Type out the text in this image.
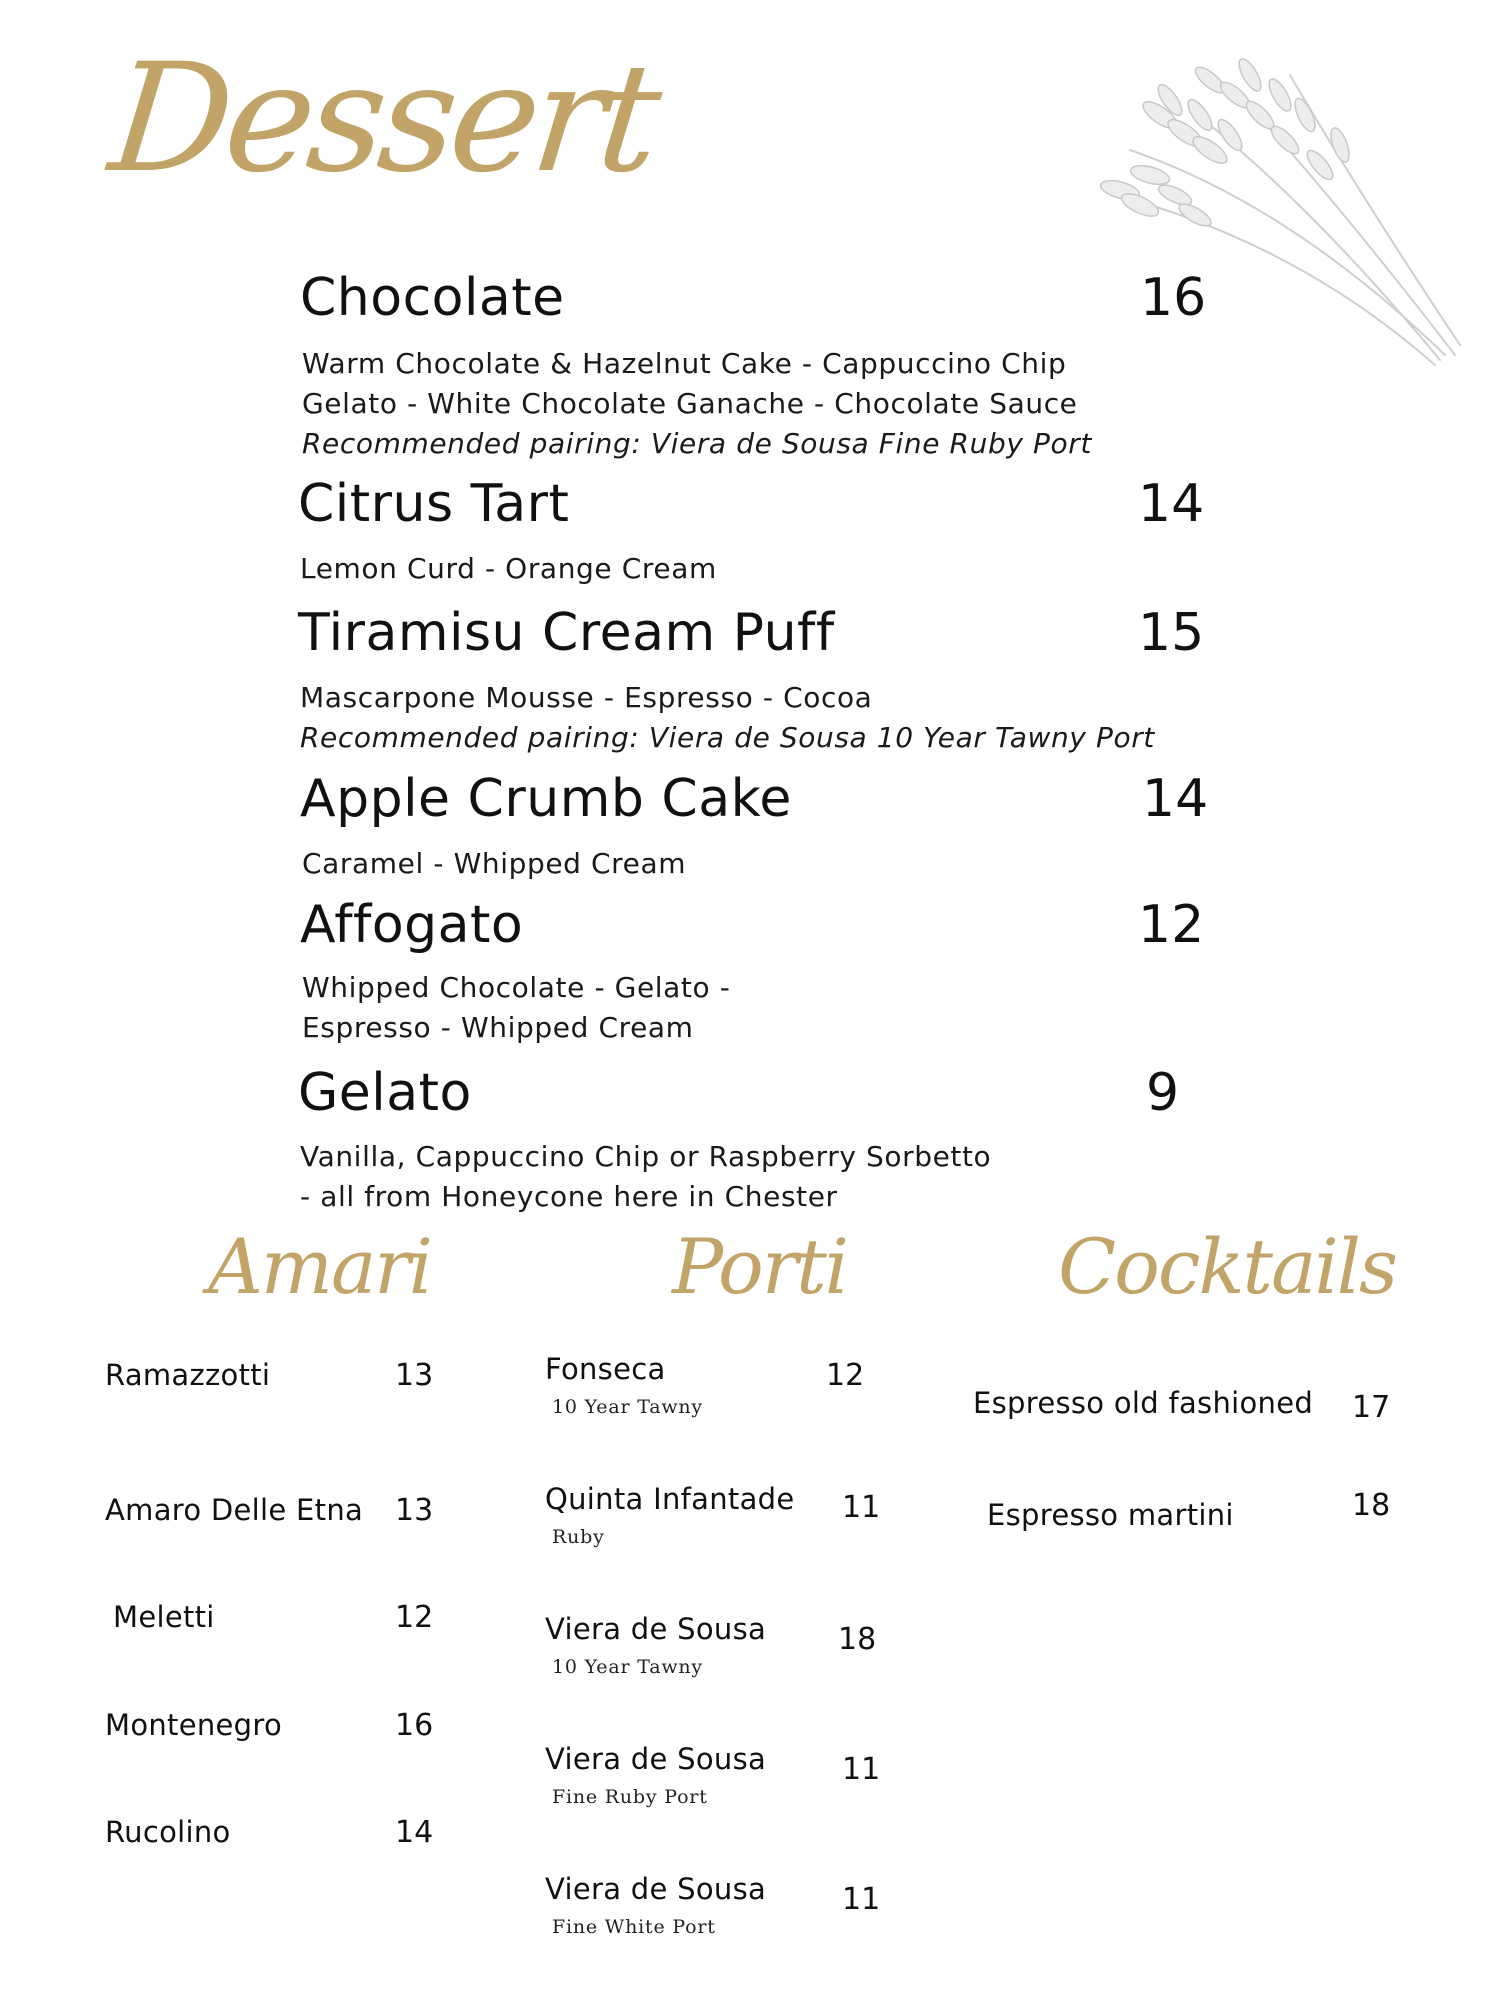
Dessert
Chocolate	16
Warm Chocolate & Hazelnut Cake - Cappuccino Chip
Gelato - White Chocolate Ganache - Chocolate Sauce
Recommended pairing: Viera de Sousa Fine Ruby Port
Citrus Tart	14
Lemon Curd - Orange Cream
Tiramisu Cream Puff	15
Mascarpone Mousse - Espresso - Cocoa
Recommended pairing: Viera de Sousa 10 Year Tawny Port
Apple Crumb Cake	14
Caramel - Whipped Cream
Affogato	12
Whipped Chocolate - Gelato -
Espresso - Whipped Cream
Gelato	9
Vanilla, Cappuccino Chip or Raspberry Sorbetto
- all from Honeycone here in Chester
Amari	Porti	Cocktails
Ramazzotti	13
Amaro Delle Etna 13
Meletti	12
Montenegro	16
Rucolino	14
Fonseca
10 Year Tawny
12
Quinta Infantade
Ruby
11
Viera de Sousa
10 Year Tawny
18
Viera de Sousa
Fine Ruby Port
11
Viera de Sousa
Fine White Port
11
Espresso old fashioned 17
Espresso martini	18
